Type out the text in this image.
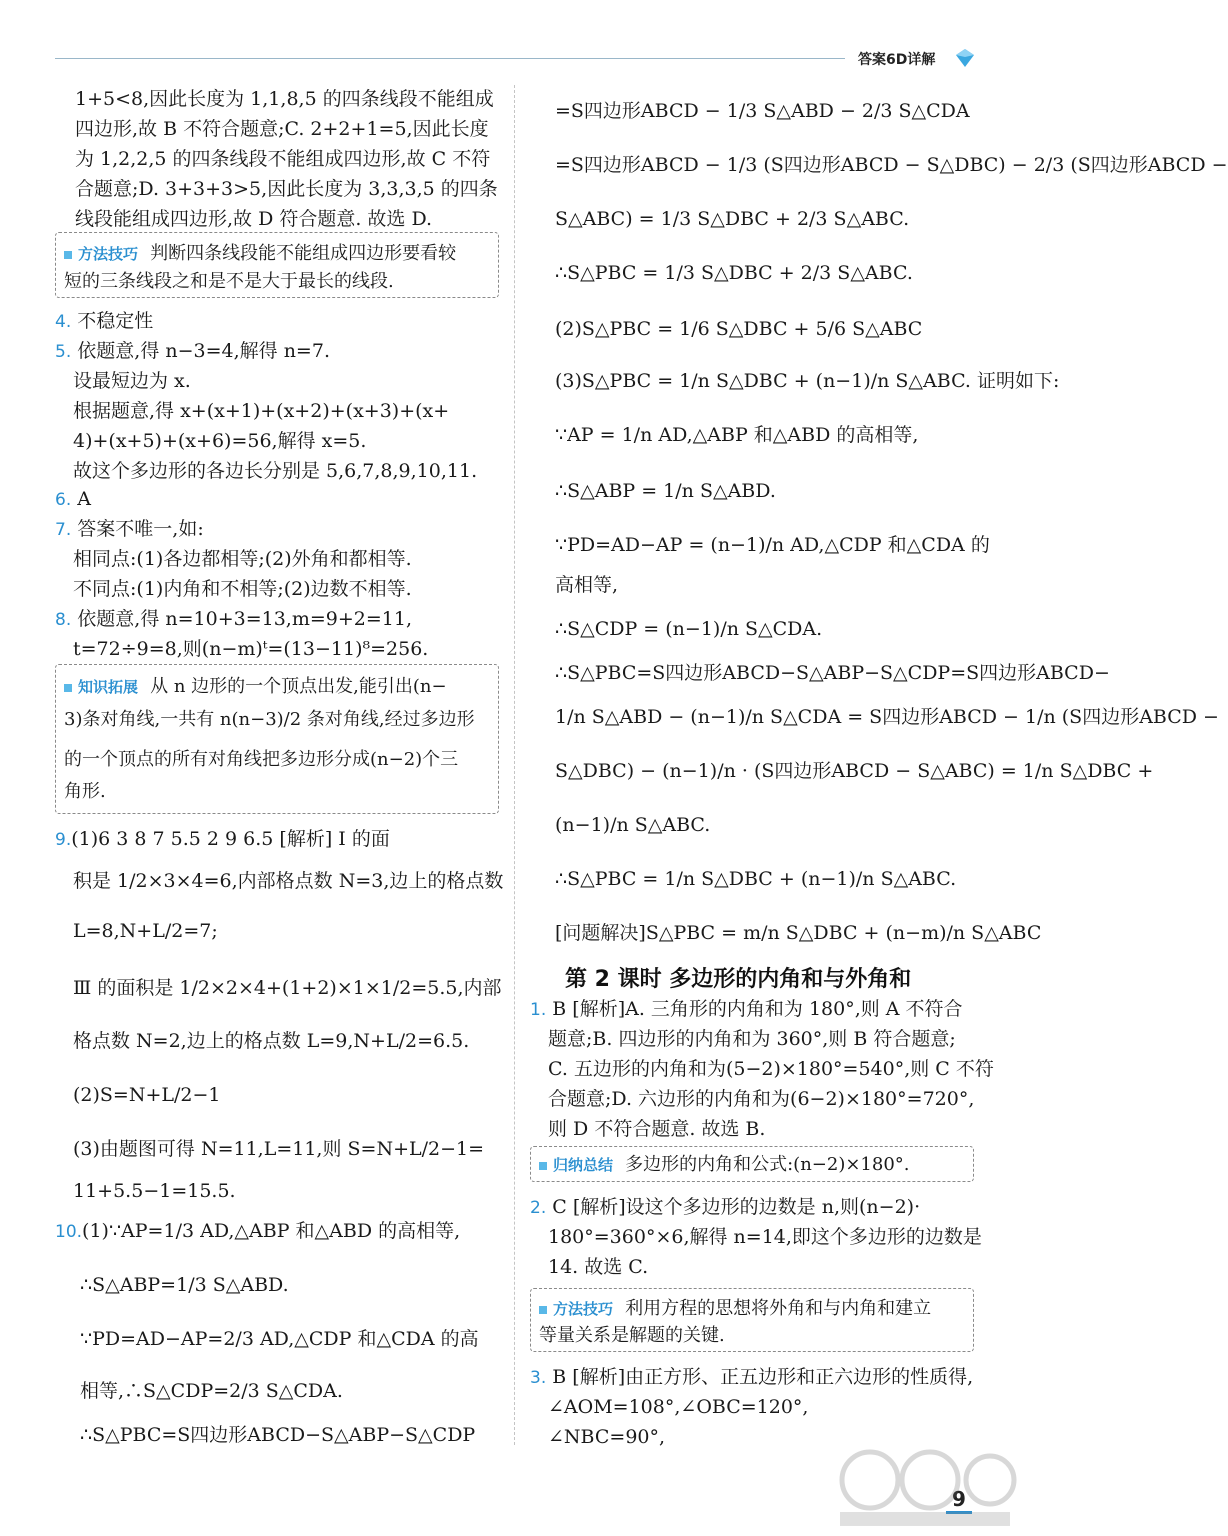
答案6D详解
1+5<8,因此长度为 1,1,8,5 的四条线段不能组成
四边形,故 B 不符合题意;C. 2+2+1=5,因此长度
为 1,2,2,5 的四条线段不能组成四边形,故 C 不符
合题意;D. 3+3+3>5,因此长度为 3,3,3,5 的四条
线段能组成四边形,故 D 符合题意. 故选 D.
方法技巧 判断四条线段能不能组成四边形要看较
短的三条线段之和是不是大于最长的线段.
4. 不稳定性
5. 依题意,得 n−3=4,解得 n=7.
设最短边为 x.
根据题意,得 x+(x+1)+(x+2)+(x+3)+(x+
4)+(x+5)+(x+6)=56,解得 x=5.
故这个多边形的各边长分别是 5,6,7,8,9,10,11.
6. A
7. 答案不唯一,如:
相同点:(1)各边都相等;(2)外角和都相等.
不同点:(1)内角和不相等;(2)边数不相等.
8. 依题意,得 n=10+3=13,m=9+2=11,
t=72÷9=8,则(n−m)ᵗ=(13−11)⁸=256.
知识拓展 从 n 边形的一个顶点出发,能引出(n−
3)条对角线,一共有 n(n−3)/2 条对角线,经过多边形
的一个顶点的所有对角线把多边形分成(n−2)个三
角形.
9.(1)6 3 8 7 5.5 2 9 6.5 [解析] Ⅰ 的面
积是 1/2×3×4=6,内部格点数 N=3,边上的格点数
L=8,N+L/2=7;
Ⅲ 的面积是 1/2×2×4+(1+2)×1×1/2=5.5,内部
格点数 N=2,边上的格点数 L=9,N+L/2=6.5.
(2)S=N+L/2−1
(3)由题图可得 N=11,L=11,则 S=N+L/2−1=
11+5.5−1=15.5.
10.(1)∵AP=1/3 AD,△ABP 和△ABD 的高相等,
∴S△ABP=1/3 S△ABD.
∵PD=AD−AP=2/3 AD,△CDP 和△CDA 的高
相等,∴S△CDP=2/3 S△CDA.
∴S△PBC=S四边形ABCD−S△ABP−S△CDP
=S四边形ABCD − 1/3 S△ABD − 2/3 S△CDA
=S四边形ABCD − 1/3 (S四边形ABCD − S△DBC) − 2/3 (S四边形ABCD −
S△ABC) = 1/3 S△DBC + 2/3 S△ABC.
∴S△PBC = 1/3 S△DBC + 2/3 S△ABC.
(2)S△PBC = 1/6 S△DBC + 5/6 S△ABC
(3)S△PBC = 1/n S△DBC + (n−1)/n S△ABC. 证明如下:
∵AP = 1/n AD,△ABP 和△ABD 的高相等,
∴S△ABP = 1/n S△ABD.
∵PD=AD−AP = (n−1)/n AD,△CDP 和△CDA 的
高相等,
∴S△CDP = (n−1)/n S△CDA.
∴S△PBC=S四边形ABCD−S△ABP−S△CDP=S四边形ABCD−
1/n S△ABD − (n−1)/n S△CDA = S四边形ABCD − 1/n (S四边形ABCD −
S△DBC) − (n−1)/n · (S四边形ABCD − S△ABC) = 1/n S△DBC +
(n−1)/n S△ABC.
∴S△PBC = 1/n S△DBC + (n−1)/n S△ABC.
[问题解决]S△PBC = m/n S△DBC + (n−m)/n S△ABC
第 2 课时 多边形的内角和与外角和
1. B [解析]A. 三角形的内角和为 180°,则 A 不符合
题意;B. 四边形的内角和为 360°,则 B 符合题意;
C. 五边形的内角和为(5−2)×180°=540°,则 C 不符
合题意;D. 六边形的内角和为(6−2)×180°=720°,
则 D 不符合题意. 故选 B.
归纳总结 多边形的内角和公式:(n−2)×180°.
2. C [解析]设这个多边形的边数是 n,则(n−2)·
180°=360°×6,解得 n=14,即这个多边形的边数是
14. 故选 C.
方法技巧 利用方程的思想将外角和与内角和建立
等量关系是解题的关键.
3. B [解析]由正方形、正五边形和正六边形的性质得,
∠AOM=108°,∠OBC=120°,
∠NBC=90°,
9
